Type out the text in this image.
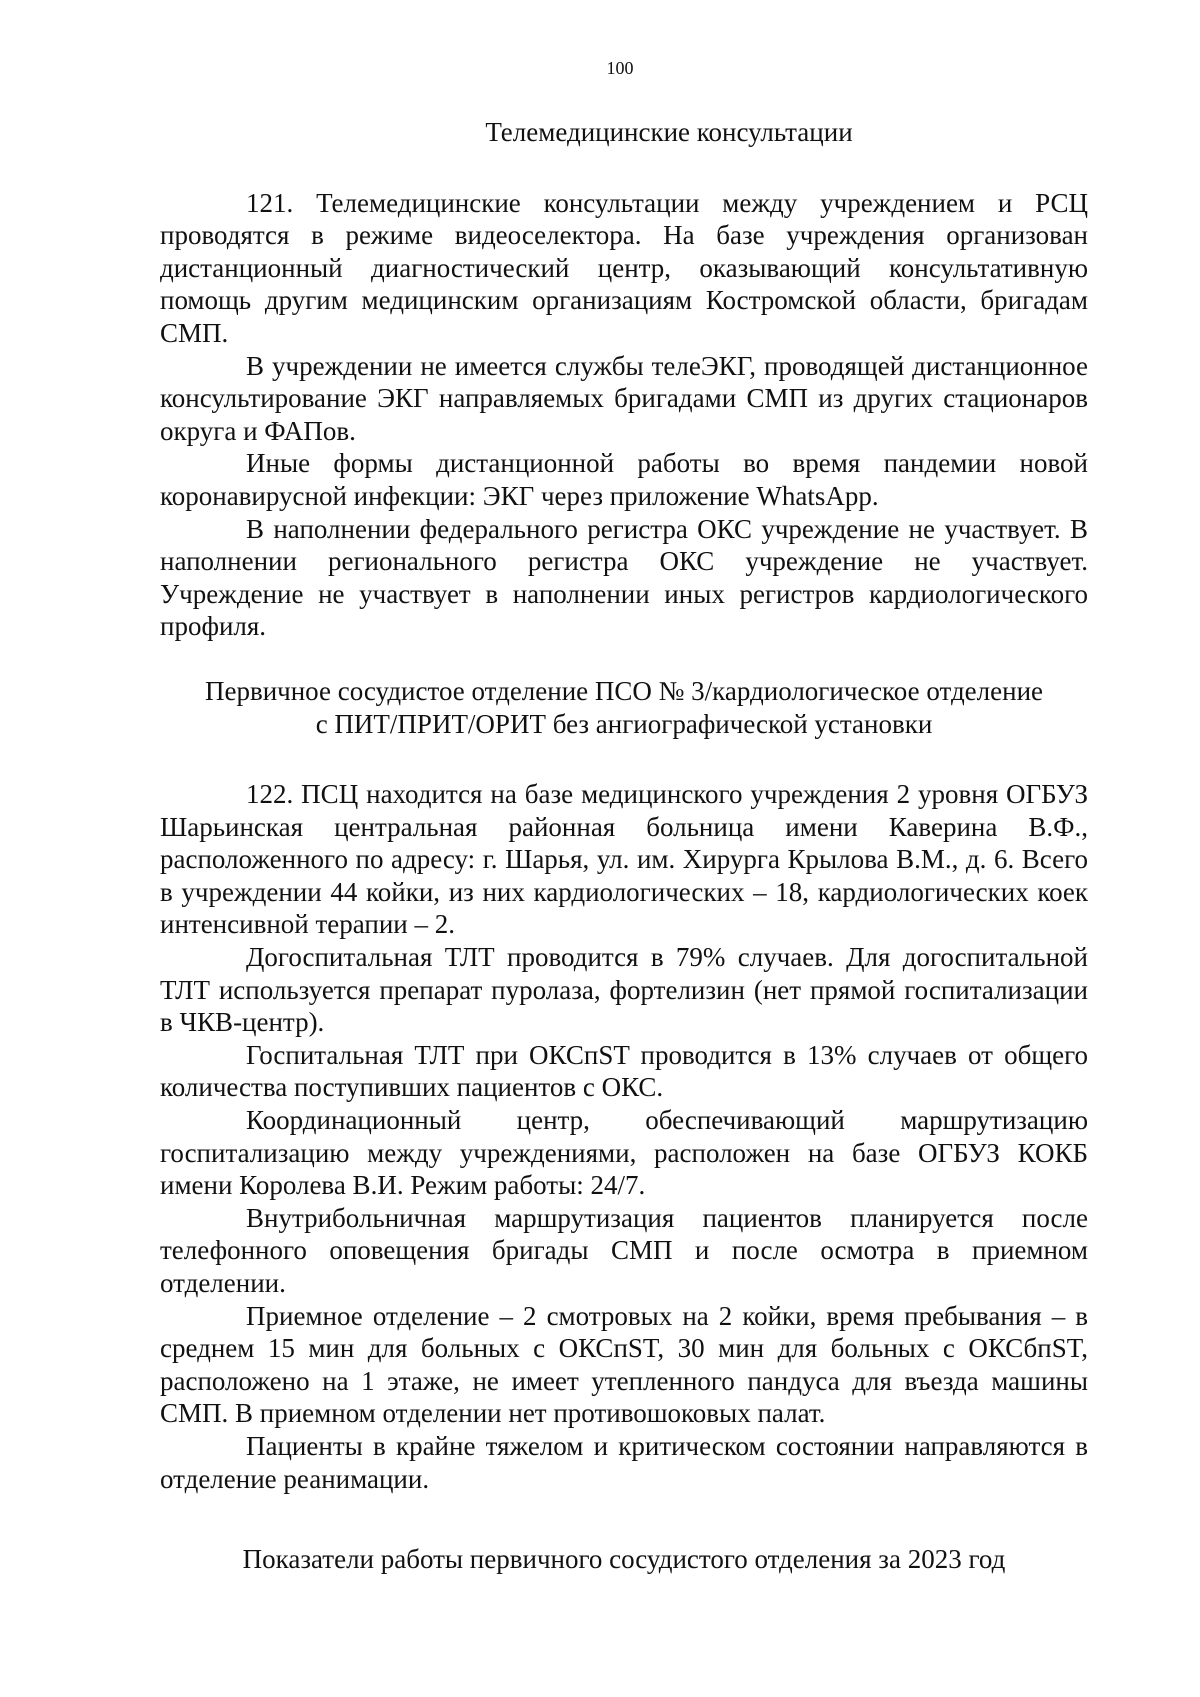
100

Телемедицинские консультации

121. Телемедицинские консультации между учреждением и РСЦ проводятся в режиме видеоселектора. На базе учреждения организован дистанционный диагностический центр, оказывающий консультативную помощь другим медицинским организациям Костромской области, бригадам СМП.

В учреждении не имеется службы телеЭКГ, проводящей дистанционное консультирование ЭКГ направляемых бригадами СМП из других стационаров округа и ФАПов.

Иные формы дистанционной работы во время пандемии новой коронавирусной инфекции: ЭКГ через приложение WhatsApp.

В наполнении федерального регистра ОКС учреждение не участвует. В наполнении регионального регистра ОКС учреждение не участвует. Учреждение не участвует в наполнении иных регистров кардиологического профиля.

Первичное сосудистое отделение ПСО № 3/кардиологическое отделение
с ПИТ/ПРИТ/ОРИТ без ангиографической установки

122. ПСЦ находится на базе медицинского учреждения 2 уровня ОГБУЗ Шарьинская центральная районная больница имени Каверина В.Ф., расположенного по адресу: г. Шарья, ул. им. Хирурга Крылова В.М., д. 6. Всего в учреждении 44 койки, из них кардиологических – 18, кардиологических коек интенсивной терапии – 2.

Догоспитальная ТЛТ проводится в 79% случаев. Для догоспитальной ТЛТ используется препарат пуролаза, фортелизин (нет прямой госпитализации в ЧКВ-центр).

Госпитальная ТЛТ при ОКСпST проводится в 13% случаев от общего количества поступивших пациентов с ОКС.

Координационный центр, обеспечивающий маршрутизацию госпитализацию между учреждениями, расположен на базе ОГБУЗ КОКБ имени Королева В.И. Режим работы: 24/7.

Внутрибольничная маршрутизация пациентов планируется после телефонного оповещения бригады СМП и после осмотра в приемном отделении.

Приемное отделение – 2 смотровых на 2 койки, время пребывания – в среднем 15 мин для больных с ОКСпST, 30 мин для больных с ОКСбпST, расположено на 1 этаже, не имеет утепленного пандуса для въезда машины СМП. В приемном отделении нет противошоковых палат.

Пациенты в крайне тяжелом и критическом состоянии направляются в отделение реанимации.

Показатели работы первичного сосудистого отделения за 2023 год
